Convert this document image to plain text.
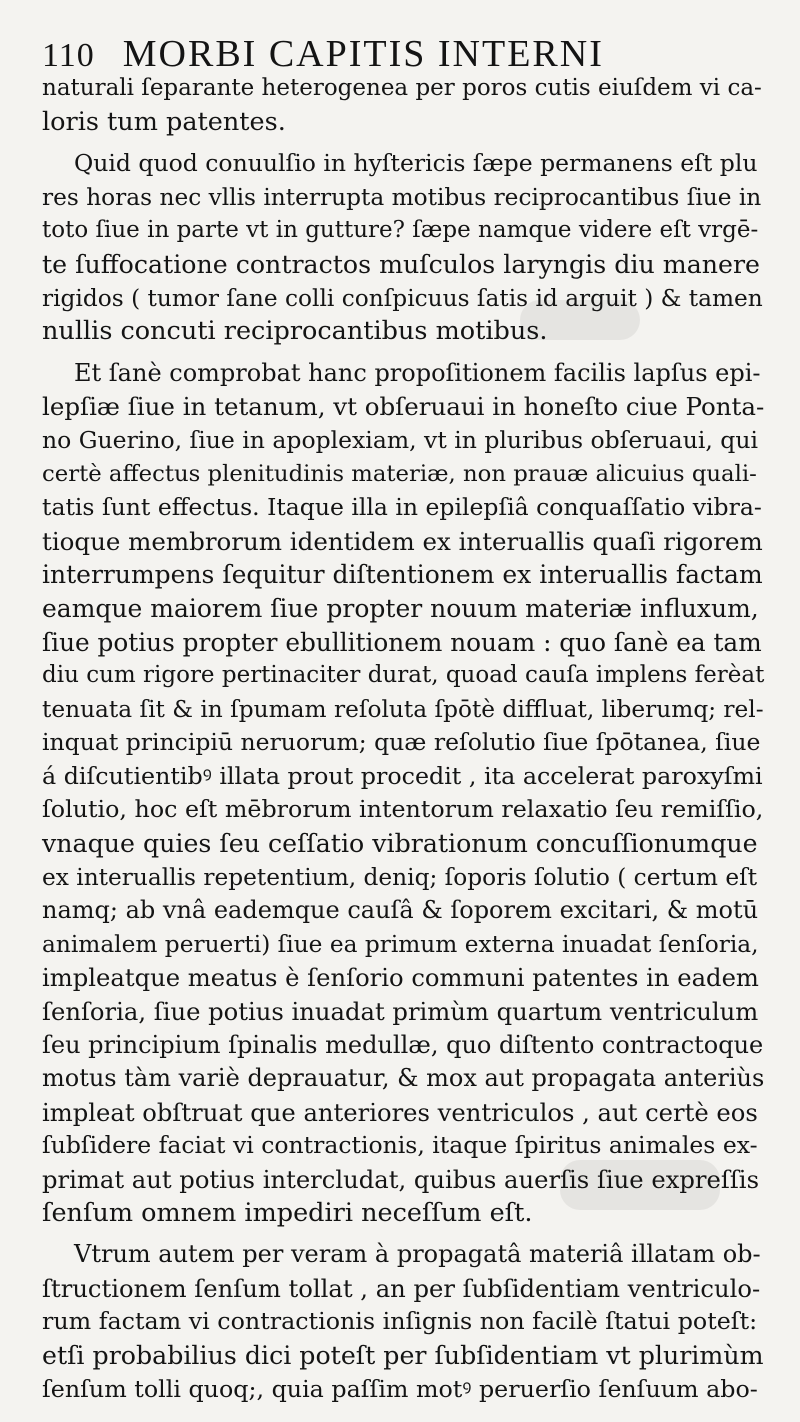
110 MORBI CAPITIS INTERNI
naturali ſeparante heterogenea per poros cutis eiuſdem vi ca-
loris tum patentes.
Quid quod conuulſio in hyſtericis ſæpe permanens eſt plu
res horas nec vllis interrupta motibus reciprocantibus ſiue in
toto ſiue in parte vt in gutture? ſæpe namque videre eſt vrgē-
te ſuffocatione contractos muſculos laryngis diu manere
rigidos ( tumor ſane colli conſpicuus ſatis id arguit ) & tamen
nullis concuti reciprocantibus motibus.
Et ſanè comprobat hanc propoſitionem facilis lapſus epi-
lepſiæ ſiue in tetanum, vt obſeruaui in honeſto ciue Ponta-
no Guerino, ſiue in apoplexiam, vt in pluribus obſeruaui, qui
certè affectus plenitudinis materiæ, non prauæ alicuius quali-
tatis ſunt effectus. Itaque illa in epilepſiâ conquaſſatio vibra-
tioque membrorum identidem ex interuallis quaſi rigorem
interrumpens ſequitur diſtentionem ex interuallis factam
eamque maiorem ſiue propter nouum materiæ influxum,
ſiue potius propter ebullitionem nouam : quo ſanè ea tam
diu cum rigore pertinaciter durat, quoad cauſa implens ferèat
tenuata ſit & in ſpumam reſoluta ſpōtè diffluat, liberumq; rel-
inquat principiū neruorum; quæ reſolutio ſiue ſpōtanea, ſiue
á diſcutientibꝰ illata prout procedit , ita accelerat paroxyſmi
ſolutio, hoc eſt mēbrorum intentorum relaxatio ſeu remiſſio,
vnaque quies ſeu ceſſatio vibrationum concuſſionumque
ex interuallis repetentium, deniq; ſoporis ſolutio ( certum eſt
namq; ab vnâ eademque cauſâ & ſoporem excitari, & motū
animalem peruerti) ſiue ea primum externa inuadat ſenſoria,
impleatque meatus è ſenſorio communi patentes in eadem
ſenſoria, ſiue potius inuadat primùm quartum ventriculum
ſeu principium ſpinalis medullæ, quo diſtento contractoque
motus tàm variè deprauatur, & mox aut propagata anteriùs
impleat obſtruat que anteriores ventriculos , aut certè eos
ſubſidere faciat vi contractionis, itaque ſpiritus animales ex-
primat aut potius intercludat, quibus auerſis ſiue expreſſis
ſenſum omnem impediri neceſſum eſt.
Vtrum autem per veram à propagatâ materiâ illatam ob-
ſtructionem ſenſum tollat , an per ſubſidentiam ventriculo-
rum factam vi contractionis inſignis non facilè ſtatui poteſt:
etſi probabilius dici poteſt per ſubſidentiam vt plurimùm
ſenſum tolli quoq;, quia paſſim motꝰ peruerſio ſenſuum abo-
